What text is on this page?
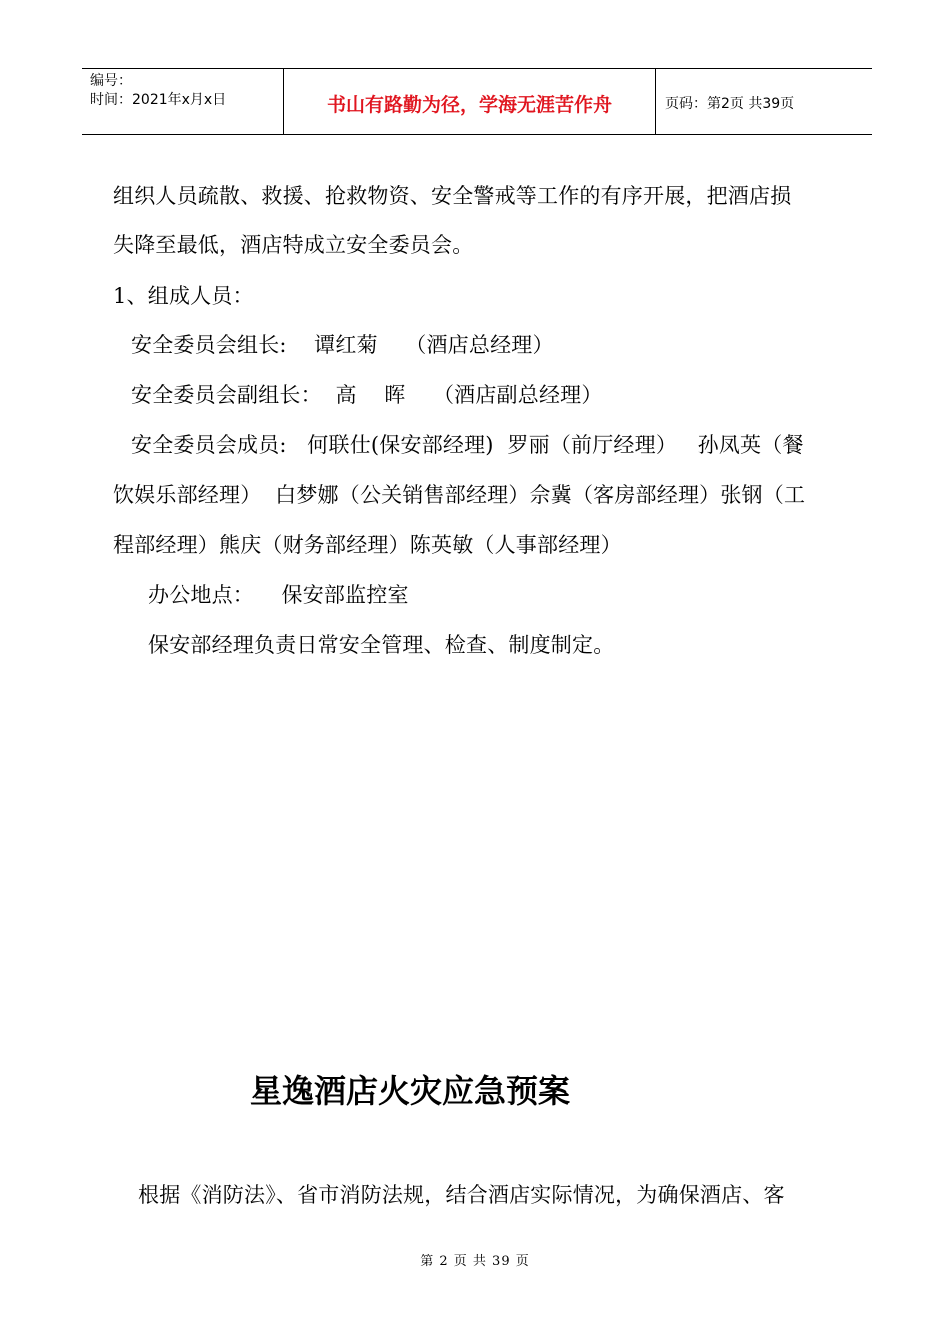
编号：
时间：2021年x月x日	书山有路勤为径，学海无涯苦作舟	页码：第2页 共39页
组织人员疏散、救援、抢救物资、安全警戒等工作的有序开展，把酒店损
失降至最低，酒店特成立安全委员会。
1、组成人员：
安全委员会组长:    谭红菊    （酒店总经理）
安全委员会副组长：  高    晖    （酒店副总经理）
安全委员会成员:   何联仕(保安部经理)  罗丽（前厅经理）   孙凤英（餐
饮娱乐部经理）  白梦娜（公关销售部经理）佘冀（客房部经理）张钢（工
程部经理）熊庆（财务部经理）陈英敏（人事部经理）
办公地点：    保安部监控室
保安部经理负责日常安全管理、检查、制度制定。
星逸酒店火灾应急预案
根据《消防法》、省市消防法规，结合酒店实际情况，为确保酒店、客
第 2 页 共 39 页
